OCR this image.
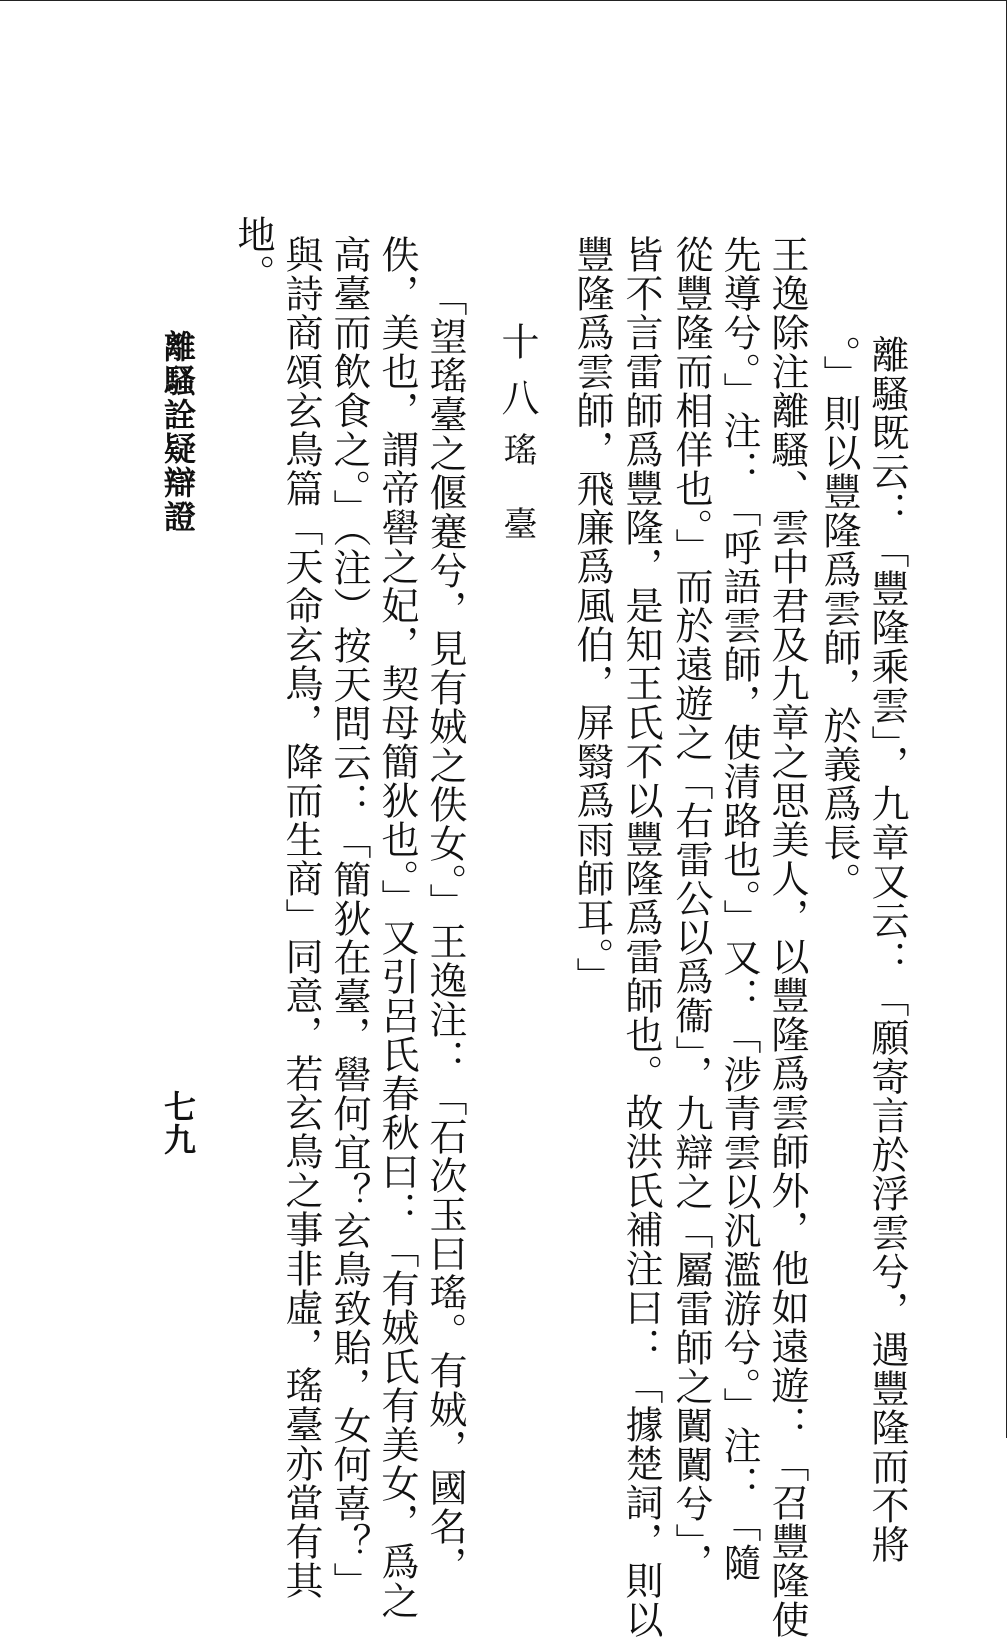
離騷既云：「豐隆乘雲」，九章又云：「願寄言於浮雲兮，遇豐隆而不將
。」則以豐隆爲雲師，於義爲長。
王逸除注離騷、雲中君及九章之思美人，以豐隆爲雲師外，他如遠遊：「召豐隆使
先導兮。」注：「呼語雲師，使清路也。」又：「涉青雲以汎濫游兮。」注：「隨
從豐隆而相佯也。」而於遠遊之「右雷公以爲衞」，九辯之「屬雷師之闐闐兮」，
皆不言雷師爲豐隆，是知王氏不以豐隆爲雷師也。故洪氏補注曰：「據楚詞，則以
豐隆爲雲師，飛廉爲風伯，屏翳爲雨師耳。」
十八
瑤臺
「望瑤臺之偃蹇兮，見有娀之佚女。」王逸注：「石次玉曰瑤。有娀，國名，
佚，美也，謂帝嚳之妃，契母簡狄也。」又引呂氏春秋曰：「有娀氏有美女，爲之
高臺而飲食之。」（注）按天問云：「簡狄在臺，嚳何宜？玄鳥致貽，女何喜？」
與詩商頌玄鳥篇「天命玄鳥，降而生商」同意，若玄鳥之事非虛，瑤臺亦當有其
地。
離騷詮疑辯證
七九
